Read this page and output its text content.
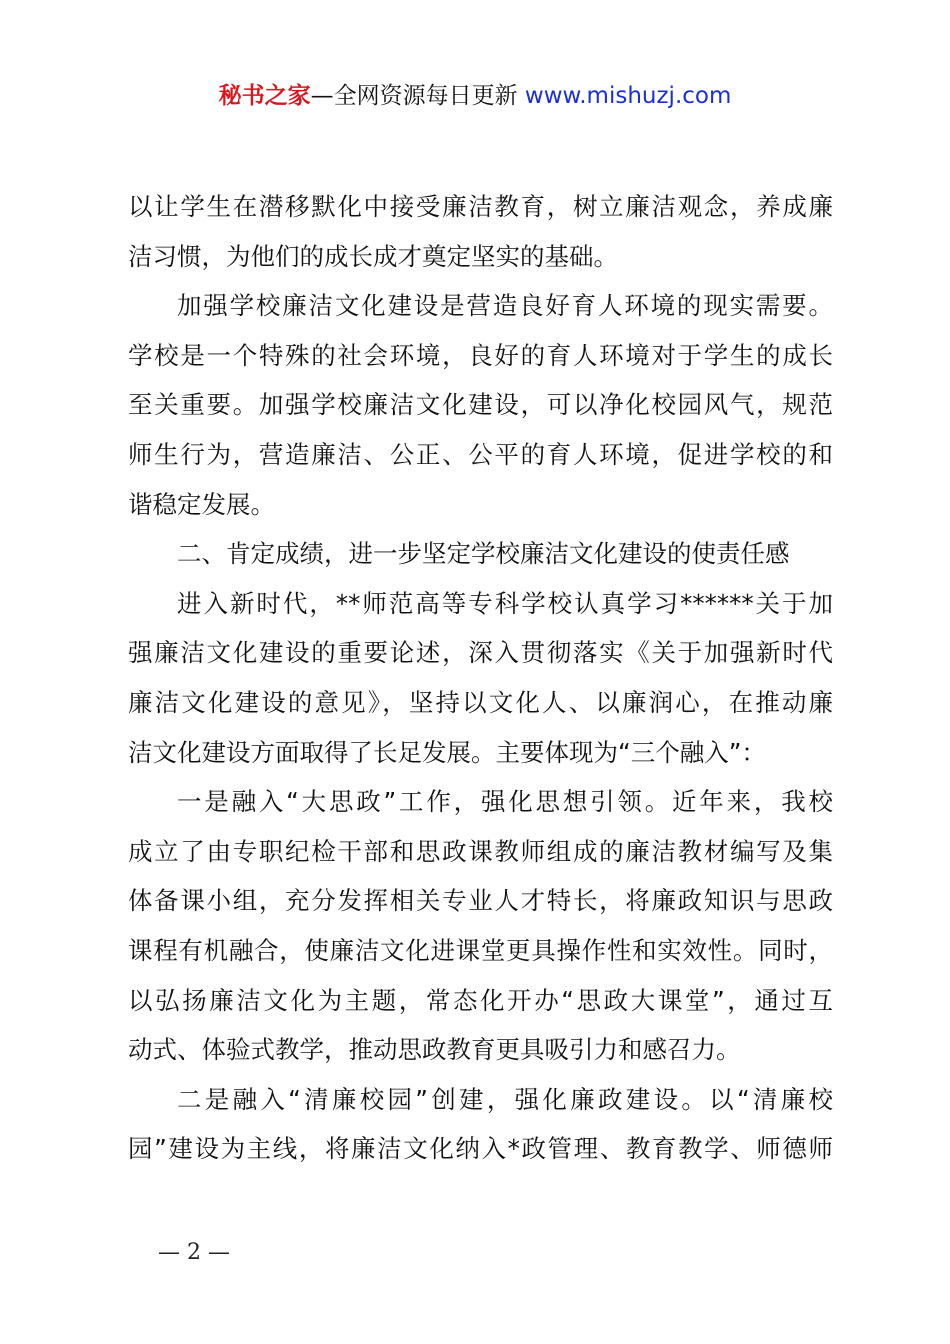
秘书之家—全网资源每日更新 www.mishuzj.com
以让学生在潜移默化中接受廉洁教育，树立廉洁观念，养成廉
洁习惯，为他们的成长成才奠定坚实的基础。
加强学校廉洁文化建设是营造良好育人环境的现实需要。
学校是一个特殊的社会环境，良好的育人环境对于学生的成长
至关重要。加强学校廉洁文化建设，可以净化校园风气，规范
师生行为，营造廉洁、公正、公平的育人环境，促进学校的和
谐稳定发展。
二、肯定成绩，进一步坚定学校廉洁文化建设的使责任感
进入新时代，**师范高等专科学校认真学习******关于加
强廉洁文化建设的重要论述，深入贯彻落实《关于加强新时代
廉洁文化建设的意见》，坚持以文化人、以廉润心，在推动廉
洁文化建设方面取得了长足发展。主要体现为“三个融入”：
一是融入“大思政”工作，强化思想引领。近年来，我校
成立了由专职纪检干部和思政课教师组成的廉洁教材编写及集
体备课小组，充分发挥相关专业人才特长，将廉政知识与思政
课程有机融合，使廉洁文化进课堂更具操作性和实效性。同时，
以弘扬廉洁文化为主题，常态化开办“思政大课堂”，通过互
动式、体验式教学，推动思政教育更具吸引力和感召力。
二是融入“清廉校园”创建，强化廉政建设。以“清廉校
园”建设为主线，将廉洁文化纳入*政管理、教育教学、师德师
— 2 —
